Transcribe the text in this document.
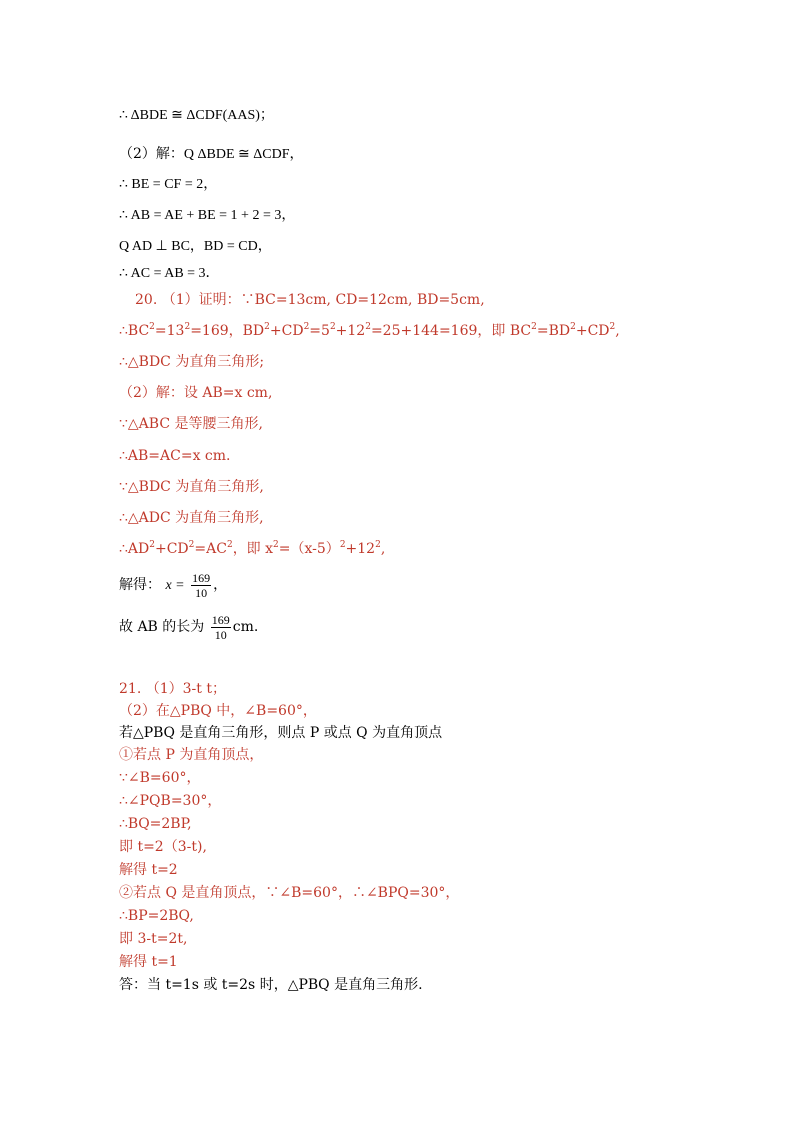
∴ ΔBDE ≅ ΔCDF(AAS)；
（2）解：Q ΔBDE ≅ ΔCDF，
∴ BE = CF = 2，
∴ AB = AE + BE = 1 + 2 = 3，
Q AD ⊥ BC，BD = CD，
∴ AC = AB = 3．
20. （1）证明：∵BC=13cm, CD=12cm, BD=5cm,
$\therefore BC^2=13^2=169$，$BD^2+CD^2=5^2+12^2=25+144=169$，即 $BC^2=BD^2+CD^2$,
∴△BDC 为直角三角形;
（2）解：设 AB=x cm,
∵△ABC 是等腰三角形,
∴AB=AC=x cm.
∵△BDC 为直角三角形,
∴△ADC 为直角三角形,
$\therefore AD^2+CD^2=AC^2$，即 $x^2=(x-5)^2+12^2$,
解得： $x = \frac{169}{10}$ ，
故 AB 的长为 $\frac{169}{10}$ cm.
21. （1）3-t t；
（2）在△PBQ 中，∠B=60°，
若△PBQ 是直角三角形，则点 P 或点 Q 为直角顶点
①若点 P 为直角顶点，
∵∠B=60°，
∴∠PQB=30°，
∴BQ=2BP,
即 t=2（3-t),
解得 t=2
②若点 Q 是直角顶点，∵∠B=60°，∴∠BPQ=30°，
∴BP=2BQ,
即 3-t=2t,
解得 t=1
答：当 t=1s 或 t=2s 时，△PBQ 是直角三角形.
